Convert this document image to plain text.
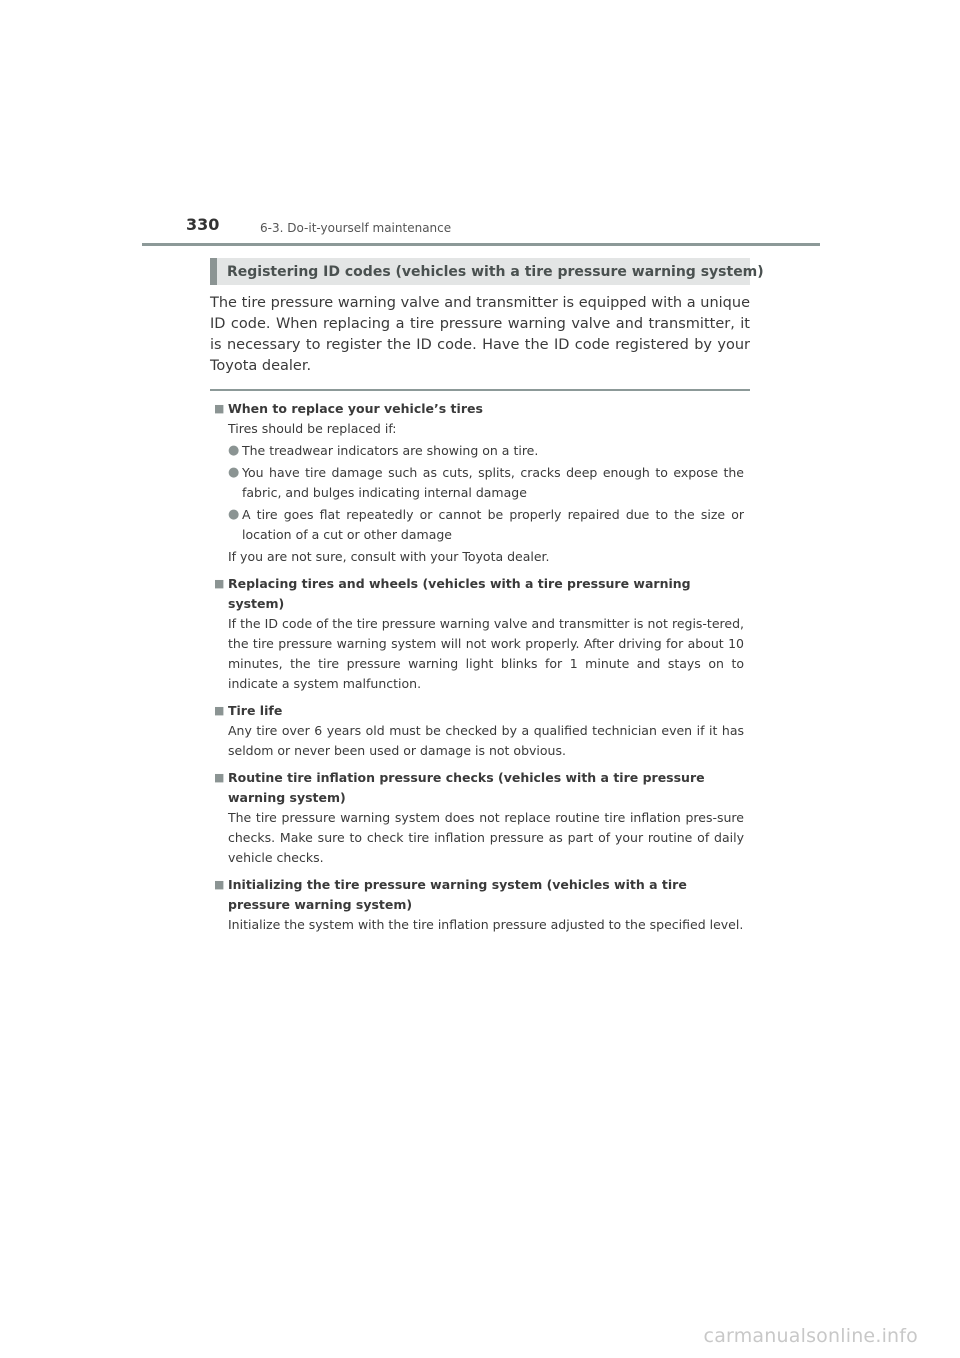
330	6-3. Do-it-yourself maintenance
Registering ID codes (vehicles with a tire pressure warning system)
The tire pressure warning valve and transmitter is equipped with a unique ID code. When replacing a tire pressure warning valve and transmitter, it is necessary to register the ID code. Have the ID code registered by your Toyota dealer.
■ When to replace your vehicle’s tires

Tires should be replaced if:

● The treadwear indicators are showing on a tire.
● You have tire damage such as cuts, splits, cracks deep enough to expose the fabric, and bulges indicating internal damage
● A tire goes flat repeatedly or cannot be properly repaired due to the size or location of a cut or other damage

If you are not sure, consult with your Toyota dealer.

■ Replacing tires and wheels (vehicles with a tire pressure warning system)

If the ID code of the tire pressure warning valve and transmitter is not regis-tered, the tire pressure warning system will not work properly. After driving for about 10 minutes, the tire pressure warning light blinks for 1 minute and stays on to indicate a system malfunction.

■ Tire life

Any tire over 6 years old must be checked by a qualified technician even if it has seldom or never been used or damage is not obvious.

■ Routine tire inflation pressure checks (vehicles with a tire pressure warning system)

The tire pressure warning system does not replace routine tire inflation pres-sure checks. Make sure to check tire inflation pressure as part of your routine of daily vehicle checks.

■ Initializing the tire pressure warning system (vehicles with a tire pressure warning system)

Initialize the system with the tire inflation pressure adjusted to the specified level.

carmanualsonline.info
